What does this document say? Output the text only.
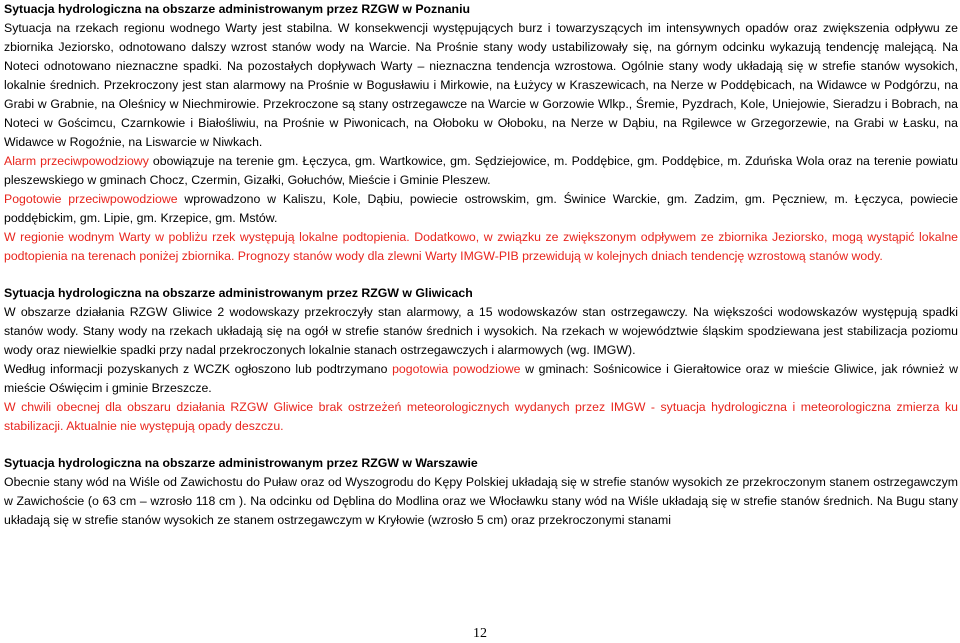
Sytuacja hydrologiczna na obszarze administrowanym przez RZGW w Poznaniu

Sytuacja na rzekach regionu wodnego Warty jest stabilna. W konsekwencji występujących burz i towarzyszących im intensywnych opadów oraz zwiększenia odpływu ze zbiornika Jeziorsko, odnotowano dalszy wzrost stanów wody na Warcie. Na Prośnie stany wody ustabilizowały się, na górnym odcinku wykazują tendencję malejącą. Na Noteci odnotowano nieznaczne spadki. Na pozostałych dopływach Warty – nieznaczna tendencja wzrostowa. Ogólnie stany wody układają się w strefie stanów wysokich, lokalnie średnich. Przekroczony jest stan alarmowy na Prośnie w Bogusławiu i Mirkowie, na Łużycy w Kraszewicach, na Nerze w Poddębicach, na Widawce w Podgórzu, na Grabi w Grabnie, na Oleśnicy w Niechmirowie. Przekroczone są stany ostrzegawcze na Warcie w Gorzowie Wlkp., Śremie, Pyzdrach, Kole, Uniejowie, Sieradzu i Bobrach, na Noteci w Gościmcu, Czarnkowie i Białośliwiu, na Prośnie w Piwonicach, na Ołoboku w Ołoboku, na Nerze w Dąbiu, na Rgilewce w Grzegorzewie, na Grabi w Łasku, na Widawce w Rogoźnie, na Liswarcie w Niwkach.
Alarm przeciwpowodziowy obowiązuje na terenie gm. Łęczyca, gm. Wartkowice, gm. Sędziejowice, m. Poddębice, gm. Poddębice, m. Zduńska Wola oraz na terenie powiatu pleszewskiego w gminach Chocz, Czermin, Gizałki, Gołuchów, Mieście i Gminie Pleszew.
Pogotowie przeciwpowodziowe wprowadzono w Kaliszu, Kole, Dąbiu, powiecie ostrowskim, gm. Świnice Warckie, gm. Zadzim, gm. Pęczniew, m. Łęczyca, powiecie poddębickim, gm. Lipie, gm. Krzepice, gm. Mstów.
W regionie wodnym Warty w pobliżu rzek występują lokalne podtopienia. Dodatkowo, w związku ze zwiększonym odpływem ze zbiornika Jeziorsko, mogą wystąpić lokalne podtopienia na terenach poniżej zbiornika. Prognozy stanów wody dla zlewni Warty IMGW-PIB przewidują w kolejnych dniach tendencję wzrostową stanów wody.

Sytuacja hydrologiczna na obszarze administrowanym przez RZGW w Gliwicach

W obszarze działania RZGW Gliwice 2 wodowskazy przekroczyły stan alarmowy, a 15 wodowskazów stan ostrzegawczy. Na większości wodowskazów występują spadki stanów wody. Stany wody na rzekach układają się na ogół w strefie stanów średnich i wysokich. Na rzekach w województwie śląskim spodziewana jest stabilizacja poziomu wody oraz niewielkie spadki przy nadal przekroczonych lokalnie stanach ostrzegawczych i alarmowych (wg. IMGW).
Według informacji pozyskanych z WCZK ogłoszono lub podtrzymano pogotowia powodziowe w gminach: Sośnicowice i Gierałtowice oraz w mieście Gliwice, jak również w mieście Oświęcim i gminie Brzeszcze.
W chwili obecnej dla obszaru działania RZGW Gliwice brak ostrzeżeń meteorologicznych wydanych przez IMGW - sytuacja hydrologiczna i meteorologiczna zmierza ku stabilizacji. Aktualnie nie występują opady deszczu.

Sytuacja hydrologiczna na obszarze administrowanym przez RZGW w Warszawie

Obecnie stany wód na Wiśle od Zawichostu do Puław oraz od Wyszogrodu do Kępy Polskiej układają się w strefie stanów wysokich ze przekroczonym stanem ostrzegawczym w Zawichoście (o 63 cm – wzrosło 118 cm ). Na odcinku od Dęblina do Modlina oraz we Włocławku stany wód na Wiśle układają się w strefie stanów średnich. Na Bugu stany układają się w strefie stanów wysokich ze stanem ostrzegawczym w Kryłowie (wzrosło 5 cm) oraz przekroczonymi stanami

12
